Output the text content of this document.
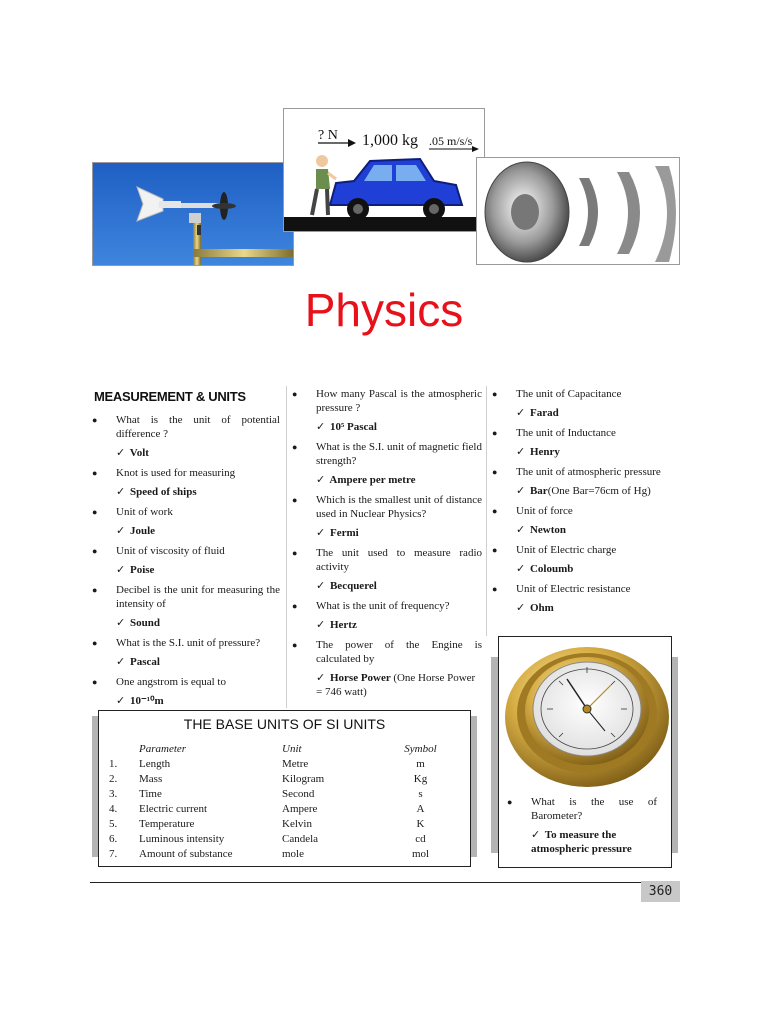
? N 1,000 kg .05 m/s/s
Physics
MEASUREMENT & UNITS
● What is the unit of potential difference ?
✓ Volt
● Knot is used for measuring
✓ Speed of ships
● Unit of work
✓ Joule
● Unit of viscosity of fluid
✓ Poise
● Decibel is the unit for measuring the intensity of
✓ Sound
● What is the S.I. unit of pressure?
✓ Pascal
● One angstrom is equal to
✓ 10⁻¹⁰m
● How many Pascal is the atmospheric pressure ?
✓ 10⁵ Pascal
● What is the S.I. unit of magnetic field strength?
✓ Ampere per metre
● Which is the smallest unit of distance used in Nuclear Physics?
✓ Fermi
● The unit used to measure radio activity
✓ Becquerel
● What is the unit of frequency?
✓ Hertz
● The power of the Engine is calculated by
✓ Horse Power (One Horse Power = 746 watt)
● The unit of Capacitance
✓ Farad
● The unit of Inductance
✓ Henry
● The unit of atmospheric pressure
✓ Bar(One Bar=76cm of Hg)
● Unit of force
✓ Newton
● Unit of Electric charge
✓ Coloumb
● Unit of Electric resistance
✓ Ohm
THE BASE UNITS OF SI UNITS
	Parameter	Unit	Symbol
1.	Length	Metre	m
2.	Mass	Kilogram	Kg
3.	Time	Second	s
4.	Electric current	Ampere	A
5.	Temperature	Kelvin	K
6.	Luminous intensity	Candela	cd
7.	Amount of substance	mole	mol
● What is the use of Barometer?
✓ To measure the atmospheric pressure
360
